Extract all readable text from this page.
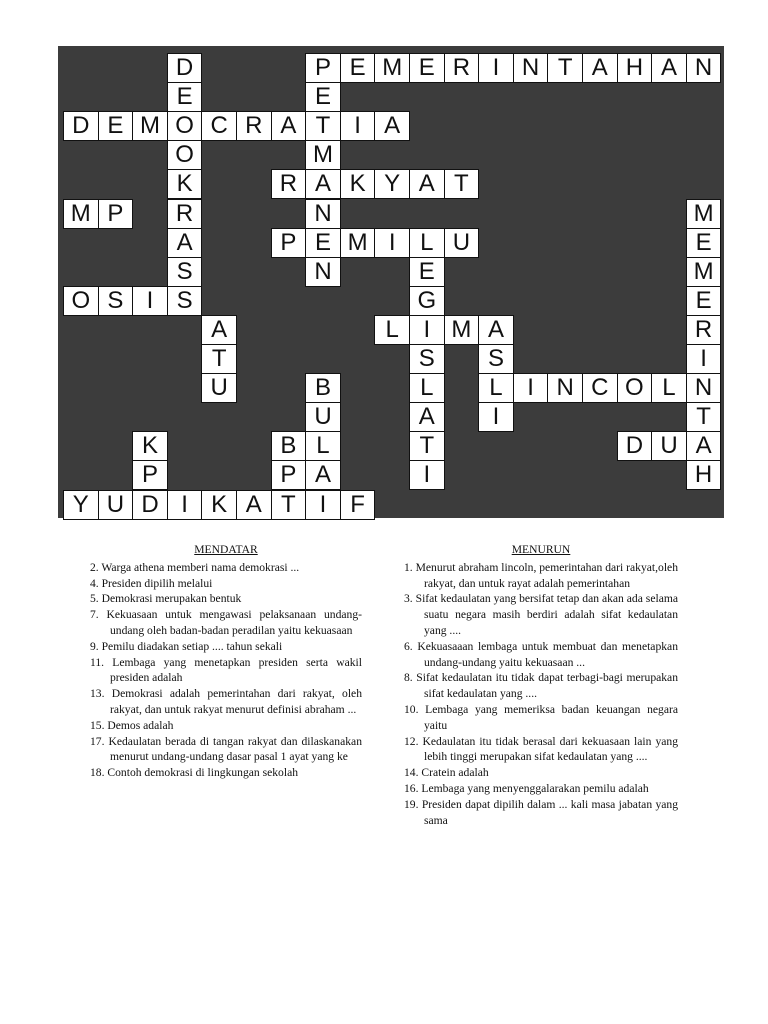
D	P E M E R I N T A H A N
E	E
D E M O C R A T I A
O	M
K	R A K Y A T
M P	R	N	M
A	P E M I	L U	E
S	N	E	M
O S I S	G	E
A	L	I M A	R
T	S	S	I
U	B	L	L	I N C O L N
U	A	I	T
K	B L	T	D U A
P	P A	I	H
Y U D I K A T I F
MENDATAR
2. Warga athena memberi nama demokrasi ...
4. Presiden dipilih melalui
5. Demokrasi merupakan bentuk
7. Kekuasaan untuk mengawasi pelaksanaan undang-undang oleh badan-badan peradilan yaitu kekuasaan
9. Pemilu diadakan setiap .... tahun sekali
11. Lembaga yang menetapkan presiden serta wakil presiden adalah
13. Demokrasi adalah pemerintahan dari rakyat, oleh rakyat, dan untuk rakyat menurut definisi abraham ...
15. Demos adalah
17. Kedaulatan berada di tangan rakyat dan dilaskanakan menurut undang-undang dasar pasal 1 ayat yang ke
18. Contoh demokrasi di lingkungan sekolah
MENURUN
1. Menurut abraham lincoln, pemerintahan dari rakyat,oleh rakyat, dan untuk rayat adalah pemerintahan
3. Sifat kedaulatan yang bersifat tetap dan akan ada selama suatu negara masih berdiri adalah sifat kedaulatan yang ....
6. Kekuasaaan lembaga untuk membuat dan menetapkan undang-undang yaitu kekuasaan ...
8. Sifat kedaulatan itu tidak dapat terbagi-bagi merupakan sifat kedaulatan yang ....
10. Lembaga yang memeriksa badan keuangan negara yaitu
12. Kedaulatan itu tidak berasal dari kekuasaan lain yang lebih tinggi merupakan sifat kedaulatan yang ....
14. Cratein adalah
16. Lembaga yang menyenggalarakan pemilu adalah
19. Presiden dapat dipilih dalam ... kali masa jabatan yang sama
